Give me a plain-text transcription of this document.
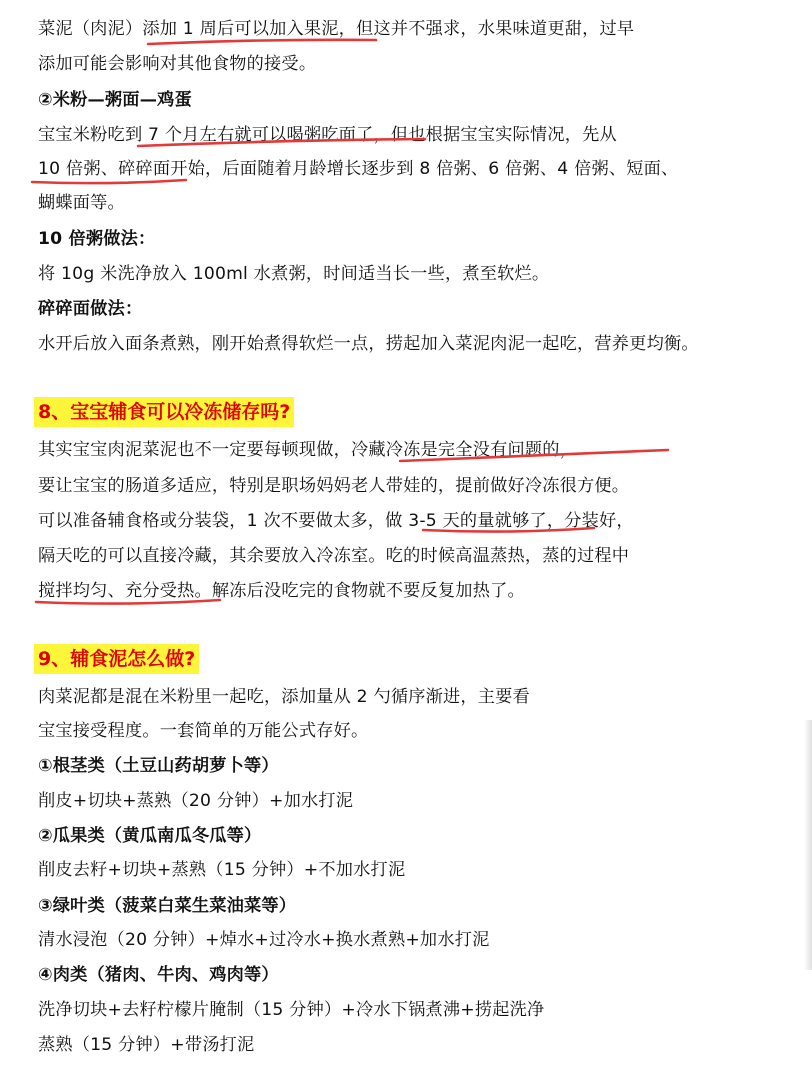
菜泥（肉泥）添加 1 周后可以加入果泥，但这并不强求，水果味道更甜，过早
添加可能会影响对其他食物的接受。
②米粉—粥面—鸡蛋
宝宝米粉吃到 7 个月左右就可以喝粥吃面了，但也根据宝宝实际情况，先从
10 倍粥、碎碎面开始，后面随着月龄增长逐步到 8 倍粥、6 倍粥、4 倍粥、短面、
蝴蝶面等。
10 倍粥做法：
将 10g 米洗净放入 100ml 水煮粥，时间适当长一些，煮至软烂。
碎碎面做法：
水开后放入面条煮熟，刚开始煮得软烂一点，捞起加入菜泥肉泥一起吃，营养更均衡。
8、宝宝辅食可以冷冻储存吗?
其实宝宝肉泥菜泥也不一定要每顿现做，冷藏冷冻是完全没有问题的，
要让宝宝的肠道多适应，特别是职场妈妈老人带娃的，提前做好冷冻很方便。
可以准备辅食格或分装袋，1 次不要做太多，做 3-5 天的量就够了，分装好，
隔天吃的可以直接冷藏，其余要放入冷冻室。吃的时候高温蒸热，蒸的过程中
搅拌均匀、充分受热。解冻后没吃完的食物就不要反复加热了。
9、辅食泥怎么做?
肉菜泥都是混在米粉里一起吃，添加量从 2 勺循序渐进，主要看
宝宝接受程度。一套简单的万能公式存好。
①根茎类（土豆山药胡萝卜等）
削皮+切块+蒸熟（20 分钟）+加水打泥
②瓜果类（黄瓜南瓜冬瓜等）
削皮去籽+切块+蒸熟（15 分钟）+不加水打泥
③绿叶类（菠菜白菜生菜油菜等）
清水浸泡（20 分钟）+焯水+过冷水+换水煮熟+加水打泥
④肉类（猪肉、牛肉、鸡肉等）
洗净切块+去籽柠檬片腌制（15 分钟）+冷水下锅煮沸+捞起洗净
蒸熟（15 分钟）+带汤打泥
